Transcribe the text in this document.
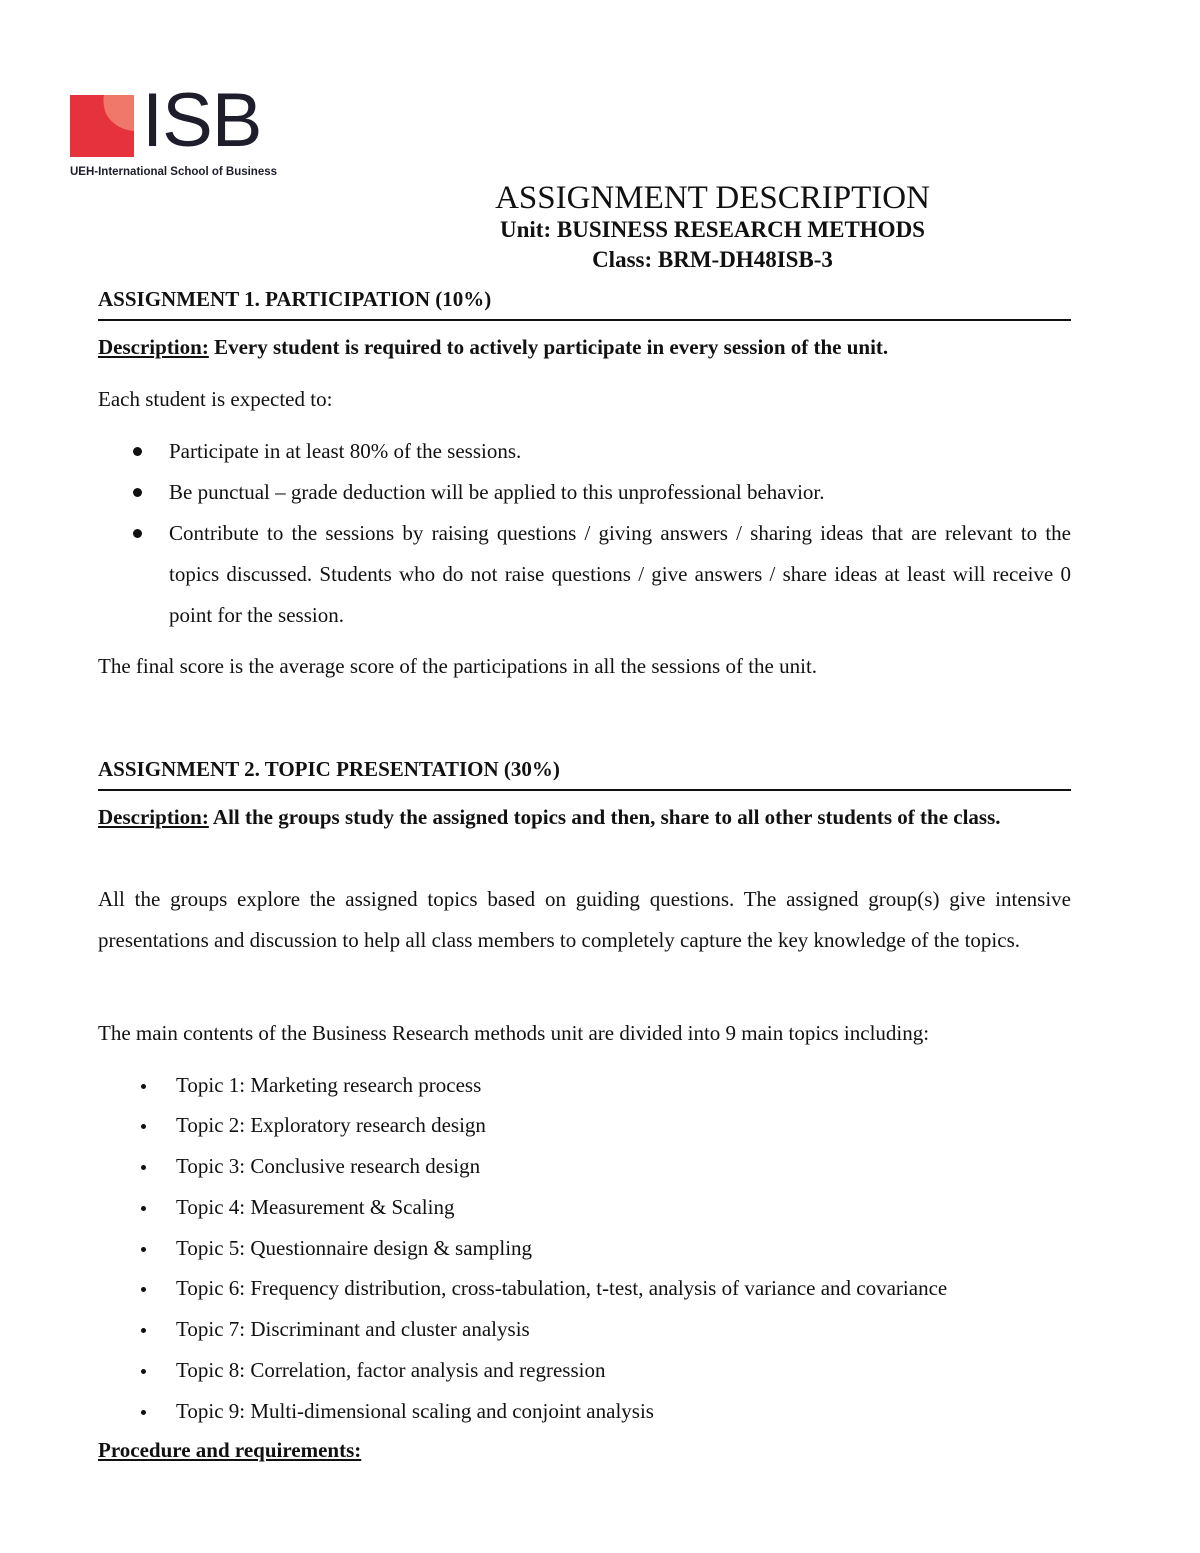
ISB
UEH-International School of Business
ASSIGNMENT DESCRIPTION
Unit: BUSINESS RESEARCH METHODS
Class: BRM-DH48ISB-3
ASSIGNMENT 1. PARTICIPATION (10%)
Description: Every student is required to actively participate in every session of the unit.
Each student is expected to:
Participate in at least 80% of the sessions.
Be punctual – grade deduction will be applied to this unprofessional behavior.
Contribute to the sessions by raising questions / giving answers / sharing ideas that are relevant to the topics discussed. Students who do not raise questions / give answers / share ideas at least will receive 0 point for the session.
The final score is the average score of the participations in all the sessions of the unit.
ASSIGNMENT 2. TOPIC PRESENTATION (30%)
Description: All the groups study the assigned topics and then, share to all other students of the class.
All the groups explore the assigned topics based on guiding questions. The assigned group(s) give intensive presentations and discussion to help all class members to completely capture the key knowledge of the topics.
The main contents of the Business Research methods unit are divided into 9 main topics including:
Topic 1: Marketing research process
Topic 2: Exploratory research design
Topic 3: Conclusive research design
Topic 4: Measurement & Scaling
Topic 5: Questionnaire design & sampling
Topic 6: Frequency distribution, cross-tabulation, t-test, analysis of variance and covariance
Topic 7: Discriminant and cluster analysis
Topic 8: Correlation, factor analysis and regression
Topic 9: Multi-dimensional scaling and conjoint analysis
Procedure and requirements:
